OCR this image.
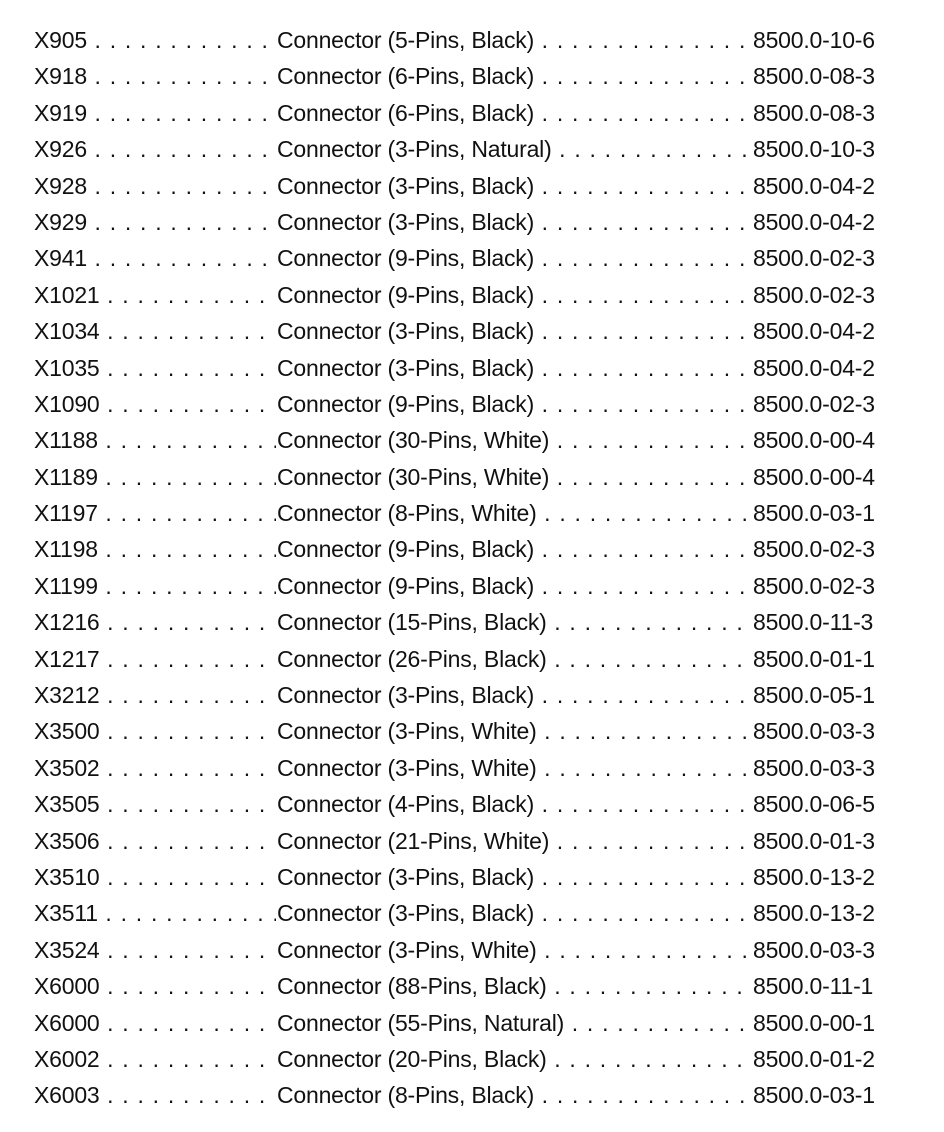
X905 . . .	Connector (5-Pins, Black) . . .	8500.0-10-6
X918 . . .	Connector (6-Pins, Black) . . .	8500.0-08-3
X919 . . .	Connector (6-Pins, Black) . . .	8500.0-08-3
X926 . . .	Connector (3-Pins, Natural) . . .	8500.0-10-3
X928 . . .	Connector (3-Pins, Black) . . .	8500.0-04-2
X929 . . .	Connector (3-Pins, Black) . . .	8500.0-04-2
X941 . . .	Connector (9-Pins, Black) . . .	8500.0-02-3
X1021 . . .	Connector (9-Pins, Black) . . .	8500.0-02-3
X1034 . . .	Connector (3-Pins, Black) . . .	8500.0-04-2
X1035 . . .	Connector (3-Pins, Black) . . .	8500.0-04-2
X1090 . . .	Connector (9-Pins, Black) . . .	8500.0-02-3
X1188 . . .	Connector (30-Pins, White) . . .	8500.0-00-4
X1189 . . .	Connector (30-Pins, White) . . .	8500.0-00-4
X1197 . . .	Connector (8-Pins, White) . . .	8500.0-03-1
X1198 . . .	Connector (9-Pins, Black) . . .	8500.0-02-3
X1199 . . .	Connector (9-Pins, Black) . . .	8500.0-02-3
X1216 . . .	Connector (15-Pins, Black) . . .	8500.0-11-3
X1217 . . .	Connector (26-Pins, Black) . . .	8500.0-01-1
X3212 . . .	Connector (3-Pins, Black) . . .	8500.0-05-1
X3500 . . .	Connector (3-Pins, White) . . .	8500.0-03-3
X3502 . . .	Connector (3-Pins, White) . . .	8500.0-03-3
X3505 . . .	Connector (4-Pins, Black) . . .	8500.0-06-5
X3506 . . .	Connector (21-Pins, White) . . .	8500.0-01-3
X3510 . . .	Connector (3-Pins, Black) . . .	8500.0-13-2
X3511 . . .	Connector (3-Pins, Black) . . .	8500.0-13-2
X3524 . . .	Connector (3-Pins, White) . . .	8500.0-03-3
X6000 . . .	Connector (88-Pins, Black) . . .	8500.0-11-1
X6000 . . .	Connector (55-Pins, Natural) . . .	8500.0-00-1
X6002 . . .	Connector (20-Pins, Black) . . .	8500.0-01-2
X6003 . . .	Connector (8-Pins, Black) . . .	8500.0-03-1
